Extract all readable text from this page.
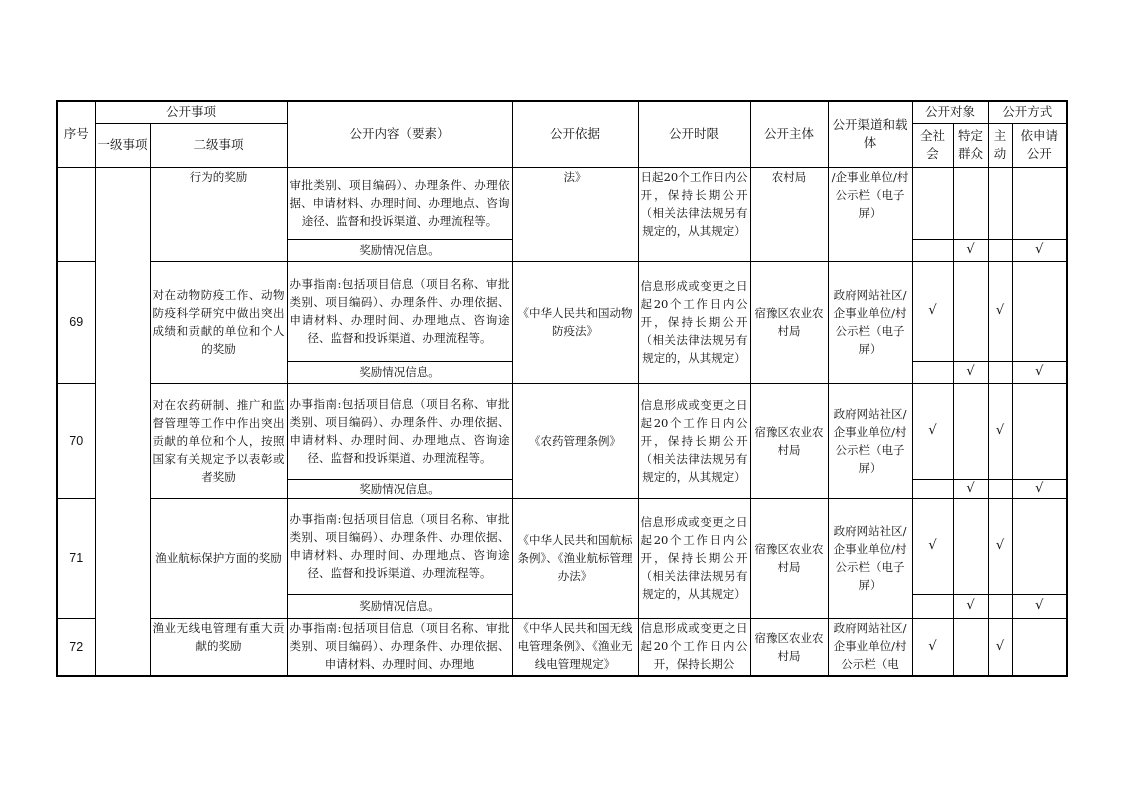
序号	公开事项		公开内容（要素）	公开依据	公开时限	公开主体	公开渠道和载体	公开对象		公开方式	
	一级事项	二级事项						全社会	特定群众	主动	依申请公开

		行为的奖励	审批类别、项目编码）、办理条件、办理依据、申请材料、办理时间、办理地点、咨询途径、监督和投诉渠道、办理流程等。	法》	日起20个工作日内公开，保持长期公开（相关法律法规另有规定的，从其规定）	农村局	/企事业单位/村公示栏（电子屏）				
			奖励情况信息。						√		√
69		对在动物防疫工作、动物防疫科学研究中做出突出成绩和贡献的单位和个人的奖励	办事指南:包括项目信息（项目名称、审批类别、项目编码）、办理条件、办理依据、申请材料、办理时间、办理地点、咨询途径、监督和投诉渠道、办理流程等。	《中华人民共和国动物防疫法》	信息形成或变更之日起20个工作日内公开，保持长期公开（相关法律法规另有规定的，从其规定）	宿豫区农业农村局	政府网站社区/企事业单位/村公示栏（电子屏）	√		√	
			奖励情况信息。						√		√
70		对在农药研制、推广和监督管理等工作中作出突出贡献的单位和个人，按照国家有关规定予以表彰或者奖励	办事指南:包括项目信息（项目名称、审批类别、项目编码）、办理条件、办理依据、申请材料、办理时间、办理地点、咨询途径、监督和投诉渠道、办理流程等。	《农药管理条例》	信息形成或变更之日起20个工作日内公开，保持长期公开（相关法律法规另有规定的，从其规定）	宿豫区农业农村局	政府网站社区/企事业单位/村公示栏（电子屏）	√		√	
			奖励情况信息。						√		√
71		渔业航标保护方面的奖励	办事指南:包括项目信息（项目名称、审批类别、项目编码）、办理条件、办理依据、申请材料、办理时间、办理地点、咨询途径、监督和投诉渠道、办理流程等。	《中华人民共和国航标条例》、《渔业航标管理办法》	信息形成或变更之日起20个工作日内公开，保持长期公开（相关法律法规另有规定的，从其规定）	宿豫区农业农村局	政府网站社区/企事业单位/村公示栏（电子屏）	√		√	
			奖励情况信息。						√		√
72		渔业无线电管理有重大贡献的奖励	办事指南:包括项目信息（项目名称、审批类别、项目编码）、办理条件、办理依据、申请材料、办理时间、办理地	《中华人民共和国无线电管理条例》、《渔业无线电管理规定》	信息形成或变更之日起20个工作日内公开，保持长期公	宿豫区农业农村局	政府网站社区/企事业单位/村公示栏（电	√		√	
